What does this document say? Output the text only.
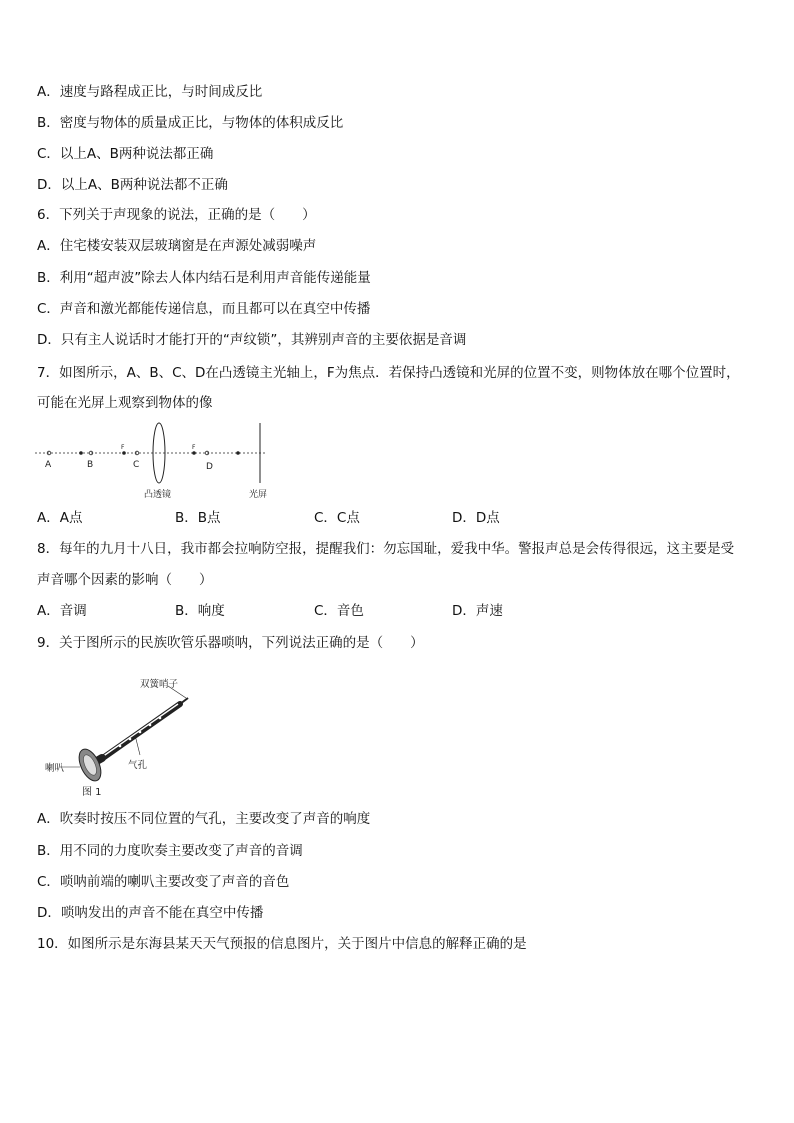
A．速度与路程成正比，与时间成反比
B．密度与物体的质量成正比，与物体的体积成反比
C．以上A、B两种说法都正确
D．以上A、B两种说法都不正确
6．下列关于声现象的说法，正确的是（　　）
A．住宅楼安装双层玻璃窗是在声源处减弱噪声
B．利用“超声波”除去人体内结石是利用声音能传递能量
C．声音和激光都能传递信息，而且都可以在真空中传播
D．只有主人说话时才能打开的“声纹锁”，其辨别声音的主要依据是音调
7．如图所示，A、B、C、D在凸透镜主光轴上，F为焦点．若保持凸透镜和光屏的位置不变，则物体放在哪个位置时，
可能在光屏上观察到物体的像
A	B	C	D
F	F
凸透镜	光屏
A．A点	B．B点	C．C点	D．D点
8．每年的九月十八日，我市都会拉响防空报，提醒我们：勿忘国耻，爱我中华。警报声总是会传得很远，这主要是受
声音哪个因素的影响（　　）
A．音调	B．响度	C．音色	D．声速
9．关于图所示的民族吹管乐器唢呐，下列说法正确的是（　　）
双簧哨子
喇叭	气孔
图 1
A．吹奏时按压不同位置的气孔，主要改变了声音的响度
B．用不同的力度吹奏主要改变了声音的音调
C．唢呐前端的喇叭主要改变了声音的音色
D．唢呐发出的声音不能在真空中传播
10．如图所示是东海县某天天气预报的信息图片，关于图片中信息的解释正确的是
